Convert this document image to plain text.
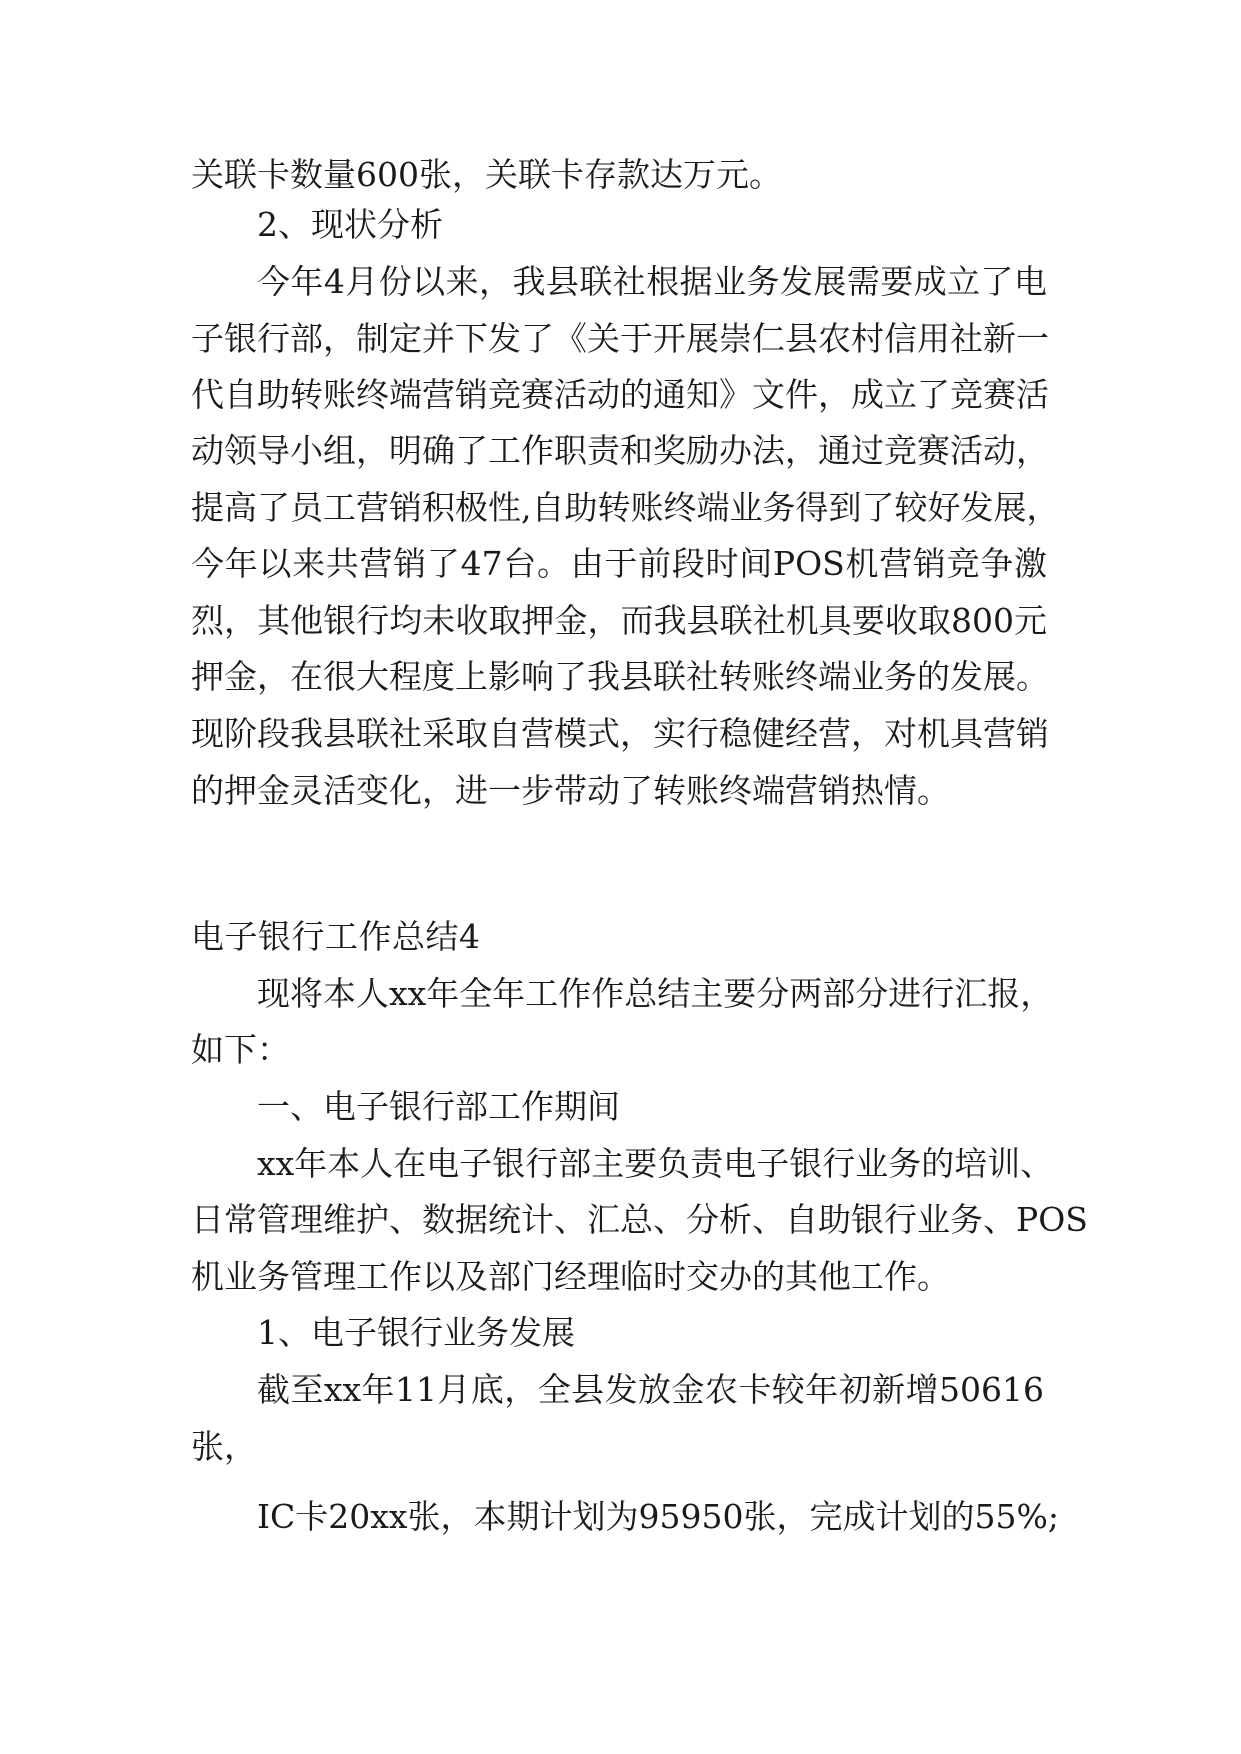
关联卡数量600张，关联卡存款达万元。
2、现状分析
今年4月份以来，我县联社根据业务发展需要成立了电
子银行部，制定并下发了《关于开展崇仁县农村信用社新一
代自助转账终端营销竞赛活动的通知》文件，成立了竞赛活
动领导小组，明确了工作职责和奖励办法，通过竞赛活动，
提高了员工营销积极性,自助转账终端业务得到了较好发展，
今年以来共营销了47台。由于前段时间POS机营销竞争激
烈，其他银行均未收取押金，而我县联社机具要收取800元
押金，在很大程度上影响了我县联社转账终端业务的发展。
现阶段我县联社采取自营模式，实行稳健经营，对机具营销
的押金灵活变化，进一步带动了转账终端营销热情。
电子银行工作总结4
现将本人xx年全年工作作总结主要分两部分进行汇报，
如下：
一、电子银行部工作期间
xx年本人在电子银行部主要负责电子银行业务的培训、
日常管理维护、数据统计、汇总、分析、自助银行业务、POS
机业务管理工作以及部门经理临时交办的其他工作。
1、电子银行业务发展
截至xx年11月底，全县发放金农卡较年初新增50616
张，
IC卡20xx张，本期计划为95950张，完成计划的55%;
